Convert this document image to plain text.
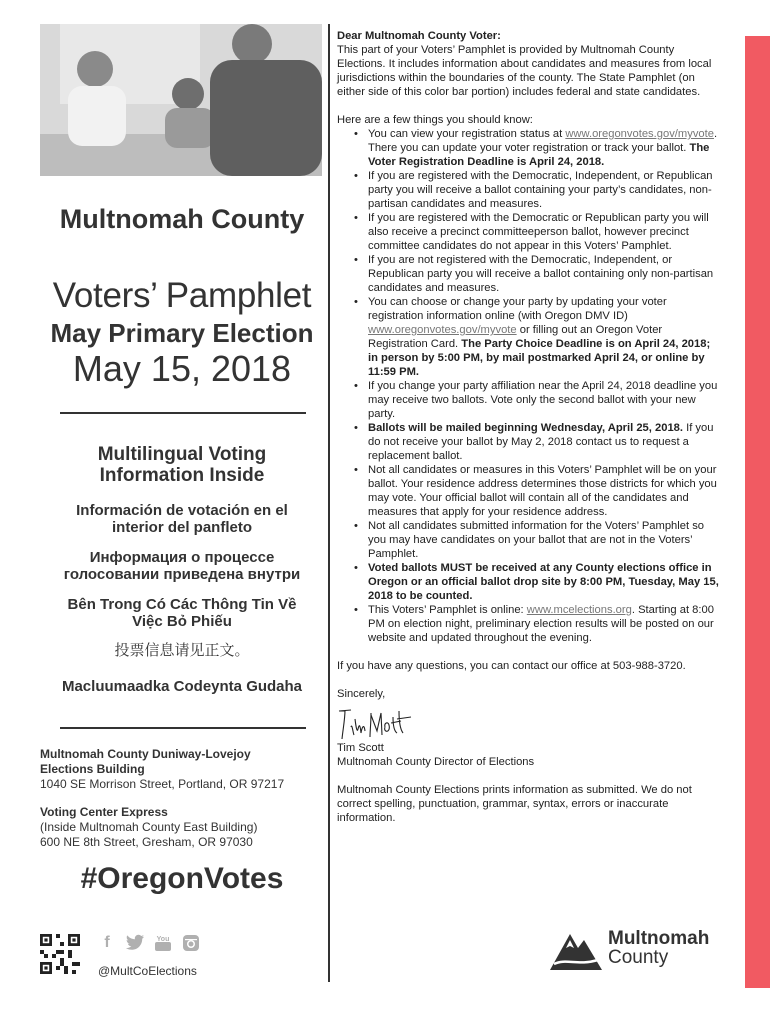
Multnomah County
Voters’ Pamphlet
May Primary Election
May 15, 2018
Multilingual Voting
Information Inside
Información de votación en el
interior del panfleto
Информация о процессе
голосовании приведена внутри
Bên Trong Có Các Thông Tin Về
Việc Bỏ Phiếu
投票信息请见正文。
Macluumaadka Codeynta Gudaha
Multnomah County Duniway-Lovejoy
Elections Building
1040 SE Morrison Street, Portland, OR 97217
Voting Center Express
(Inside Multnomah County East Building)
600 NE 8th Street, Gresham, OR 97030
#OregonVotes
f	You
@MultCoElections

Dear Multnomah County Voter:

This part of your Voters’ Pamphlet is provided by Multnomah County Elections. It includes information about candidates and measures from local jurisdictions within the boundaries of the county. The State Pamphlet (on either side of this color bar portion) includes federal and state candidates.

Here are a few things you should know:

• You can view your registration status at www.oregonvotes.gov/myvote. There you can update your voter registration or track your ballot. The Voter Registration Deadline is April 24, 2018.
• If you are registered with the Democratic, Independent, or Republican party you will receive a ballot containing your party’s candidates, non-partisan candidates and measures.
• If you are registered with the Democratic or Republican party you will also receive a precinct committeeperson ballot, however precinct committee candidates do not appear in this Voters’ Pamphlet.
• If you are not registered with the Democratic, Independent, or Republican party you will receive a ballot containing only non-partisan candidates and measures.
• You can choose or change your party by updating your voter registration information online (with Oregon DMV ID) www.oregonvotes.gov/myvote or filling out an Oregon Voter Registration Card. The Party Choice Deadline is on April 24, 2018; in person by 5:00 PM, by mail postmarked April 24, or online by 11:59 PM.
• If you change your party affiliation near the April 24, 2018 deadline you may receive two ballots. Vote only the second ballot with your new party.
• Ballots will be mailed beginning Wednesday, April 25, 2018. If you do not receive your ballot by May 2, 2018 contact us to request a replacement ballot.
• Not all candidates or measures in this Voters’ Pamphlet will be on your ballot. Your residence address determines those districts for which you may vote. Your official ballot will contain all of the candidates and measures that apply for your residence address.
• Not all candidates submitted information for the Voters’ Pamphlet so you may have candidates on your ballot that are not in the Voters’ Pamphlet.
• Voted ballots MUST be received at any County elections office in Oregon or an official ballot drop site by 8:00 PM, Tuesday, May 15, 2018 to be counted.
• This Voters’ Pamphlet is online: www.mcelections.org. Starting at 8:00 PM on election night, preliminary election results will be posted on our website and updated throughout the evening.

If you have any questions, you can contact our office at 503-988-3720.

Sincerely,

Tim Scott

Multnomah County Director of Elections

Multnomah County Elections prints information as submitted. We do not correct spelling, punctuation, grammar, syntax, errors or inaccurate information.

Multnomah
County
